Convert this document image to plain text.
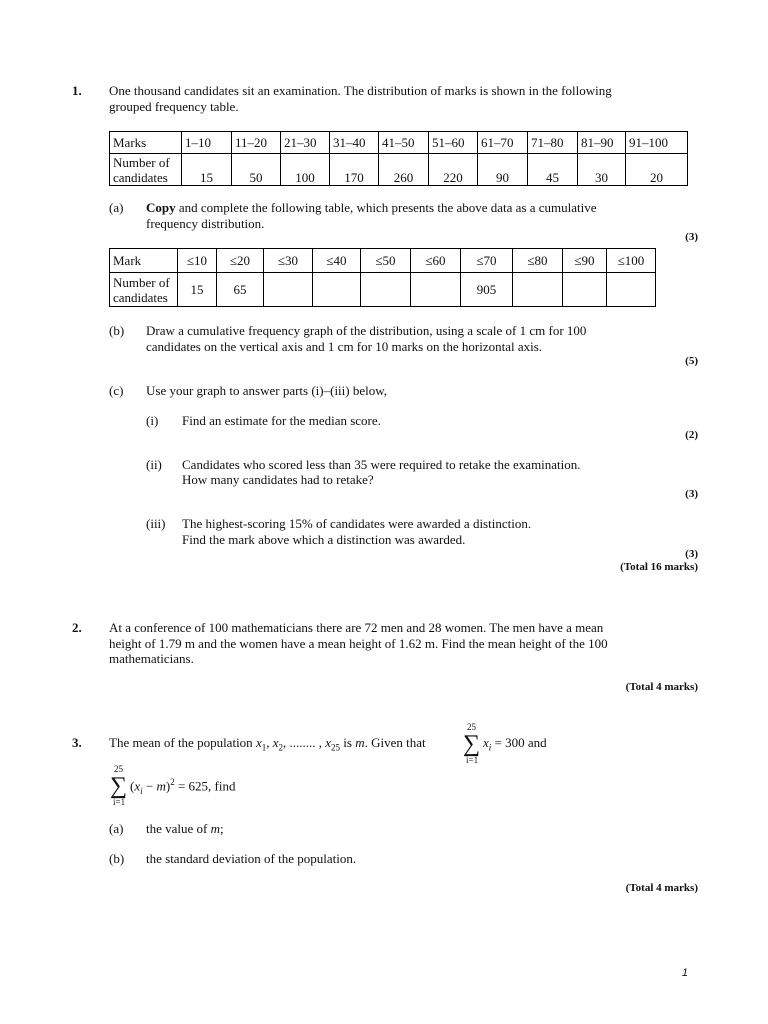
1. One thousand candidates sit an examination. The distribution of marks is shown in the following
grouped frequency table.
Marks	1–10	11–20	21–30	31–40	41–50	51–60	61–70	71–80	81–90	91–100

Number of
candidates	15	50	100	170	260	220	90	45	30	20
(a) Copy and complete the following table, which presents the above data as a cumulative
frequency distribution.
(3)
Mark	≤10	≤20	≤30	≤40	≤50	≤60	≤70	≤80	≤90	≤100

Number of
candidates	15	65					905			
(b) Draw a cumulative frequency graph of the distribution, using a scale of 1 cm for 100
candidates on the vertical axis and 1 cm for 10 marks on the horizontal axis.
(5)
(c) Use your graph to answer parts (i)–(iii) below,
(i) Find an estimate for the median score.
(2)
(ii) Candidates who scored less than 35 were required to retake the examination.
How many candidates had to retake?
(3)
(iii) The highest-scoring 15% of candidates were awarded a distinction.
Find the mark above which a distinction was awarded.
(3)
(Total 16 marks)
2. At a conference of 100 mathematicians there are 72 men and 28 women. The men have a mean
height of 1.79 m and the women have a mean height of 1.62 m. Find the mean height of the 100
mathematicians.
(Total 4 marks)
3. The mean of the population $x_1$, $x_2$, ........ , $x_{25}$ is m. Given that
25
∑
i=1
$x_i = 300$ and
25
∑
i=1
$(x_i - m)^2 = 625$, find
(a) the value of m;
(b) the standard deviation of the population.
(Total 4 marks)
1
